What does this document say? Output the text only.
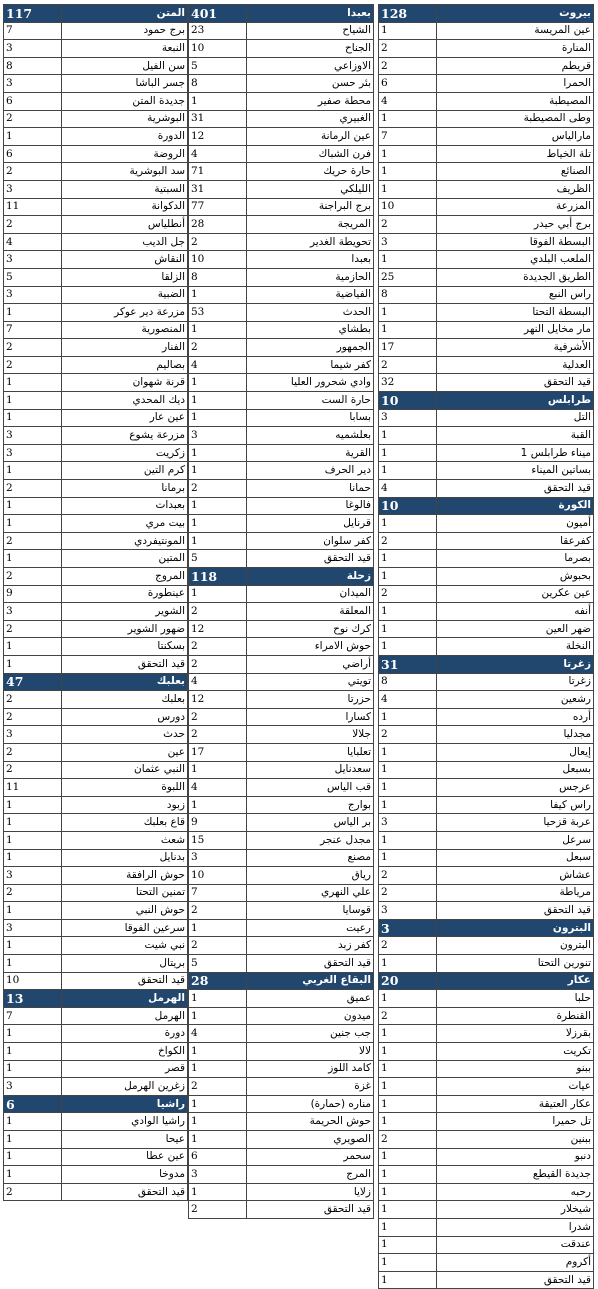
128	بيروت
1	عين المريسة
2	المنارة
2	قريطم
6	الحمرا
4	المصيطبة
1	وطى المصيطبة
7	مارالياس
1	تلة الخياط
1	الصنائع
1	الظريف
10	المزرعة
2	برج أبي حيدر
3	البسطة الفوقا
1	الملعب البلدي
25	الطريق الجديدة
8	راس النبع
1	البسطة التحتا
1	مار مخايل النهر
17	الأشرفية
2	العدلية
32	قيد التحقق
10	طرابلس
3	التل
1	القبة
1	ميناء طرابلس 1
1	بساتين الميناء
4	قيد التحقق
10	الكورة
1	أميون
2	كفرعقا
1	بصرما
1	بحبوش
2	عين عكرين
1	أنفه
1	ضهر العين
1	النخلة
31	زغرتا
8	زغرتا
4	رشعين
1	أرده
2	مجدليا
1	إيعال
1	بسبعل
1	عرجس
1	راس كيفا
3	عربة قزحيا
1	سرعل
1	سبعل
2	عشاش
2	مرياطة
3	قيد التحقق
3	البترون
2	البترون
1	تنورين التحتا
20	عكار
1	حلبا
2	القنطرة
1	بقرزلا
1	تكريت
1	ببنو
1	عيات
1	عكار العتيقة
1	تل حميرا
2	ببنين
1	دنبو
1	جديدة القيطع
1	رحبه
1	شيخلار
1	شدرا
1	عندقت
1	أكروم
1	قيد التحقق
401	بعبدا
23	الشياح
10	الجناح
5	الاوزاعي
8	بئر حسن
1	محطة صفير
31	الغبيري
12	عين الرمانة
4	فرن الشباك
71	حارة حريك
31	الليلكي
77	برج البراجنة
28	المريجة
2	تحويطة الغدير
10	بعبدا
8	الحازمية
1	الفياضية
53	الحدث
1	بطشاي
2	الجمهور
4	كفر شيما
1	وادي شحرور العليا
1	حارة الست
1	بسابا
3	بعلشميه
1	القرية
1	دير الحرف
2	حمانا
1	فالوغا
1	قرنايل
1	كفر سلوان
5	قيد التحقق
118	زحلة
1	الميدان
2	المعلقة
12	كرك نوح
2	حوش الامراء
2	أراضي
4	تويتي
12	حزرتا
2	كسارا
2	جلالا
17	تعلبايا
1	سعدنايل
4	قب الياس
1	بوارج
9	بر الياس
15	مجدل عنجر
3	مصنع
10	رياق
7	علي النهري
2	قوسايا
1	رعيت
2	كفر زبد
5	قيد التحقق
28	البقاع الغربي
1	عميق
1	ميدون
4	جب جنين
1	لالا
1	كامد اللوز
2	غزة
1	مناره (حمارة)
1	حوش الحريمة
1	الصويري
6	سحمر
3	المرج
1	زلايا
2	قيد التحقق
117	المتن
7	برج حمود
3	النبعة
8	سن الفيل
3	جسر الباشا
6	جديدة المتن
2	البوشرية
1	الدورة
6	الروضة
2	سد البوشرية
3	السبتية
11	الدكوانة
2	أنطلياس
4	جل الديب
3	النقاش
5	الزلقا
3	الضبية
1	مزرعة دير عوكر
7	المنصورية
2	الفنار
2	بصاليم
1	قرنة شهوان
1	ديك المحدي
1	عين عار
3	مزرعة يشوع
3	زكريت
1	كرم التين
2	برمانا
1	بعبدات
1	بيت مري
2	المونتيفردي
1	المتين
2	المروج
9	عينطورة
3	الشوير
2	ضهور الشوير
1	بسكنتا
1	قيد التحقق
47	بعلبك
2	بعلبك
2	دورس
3	حدث
2	عين
2	النبي عثمان
11	اللبوة
1	زبود
1	قاع بعلبك
1	شعث
1	بدنايل
3	حوش الرافقة
2	تمنين التحتا
1	حوش النبي
3	سرعين الفوقا
1	نبي شيت
1	بريتال
10	قيد التحقق
13	الهرمل
7	الهرمل
1	دورة
1	الكواخ
1	قصر
3	زغرين الهرمل
6	راشيا
1	راشيا الوادي
1	عيحا
1	عين عطا
1	مدوخا
2	قيد التحقق
